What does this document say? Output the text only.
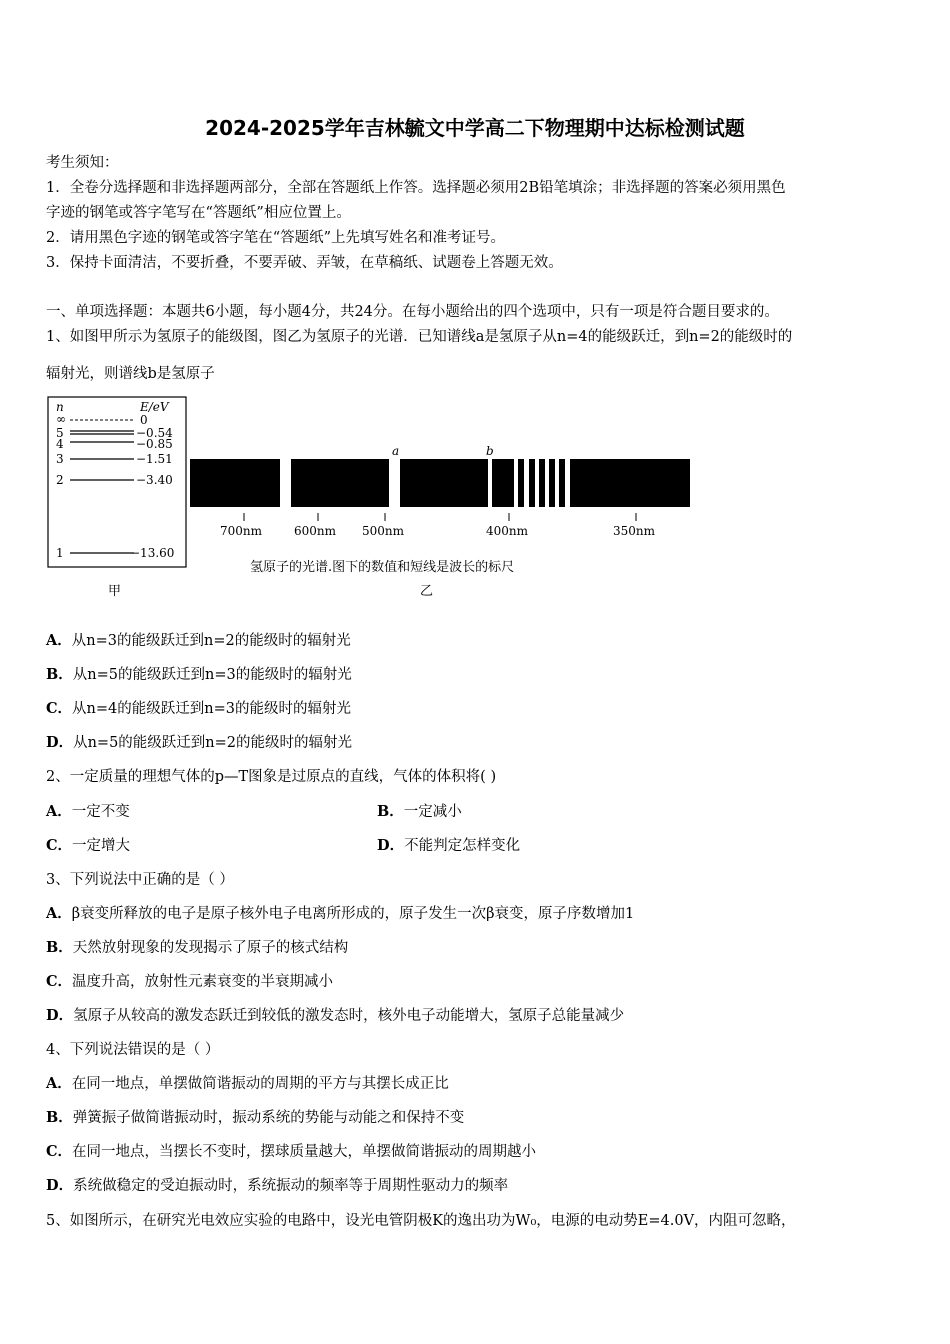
2024-2025学年吉林毓文中学高二下物理期中达标检测试题
考生须知：
1．全卷分选择题和非选择题两部分，全部在答题纸上作答。选择题必须用2B铅笔填涂；非选择题的答案必须用黑色
字迹的钢笔或答字笔写在“答题纸”相应位置上。
2．请用黑色字迹的钢笔或答字笔在“答题纸”上先填写姓名和准考证号。
3．保持卡面清洁，不要折叠，不要弄破、弄皱，在草稿纸、试题卷上答题无效。
一、单项选择题：本题共6小题，每小题4分，共24分。在每小题给出的四个选项中，只有一项是符合题目要求的。
1、如图甲所示为氢原子的能级图，图乙为氢原子的光谱．已知谱线a是氢原子从n=4的能级跃迁，到n=2的能级时的
辐射光，则谱线b是氢原子
n	E/eV
∞	0
5	−0.54
4	−0.85
3	−1.51
2	−3.40
1	−13.60
a	b
700nm	600nm 500nm	400nm	350nm
氢原子的光谱.图下的数值和短线是波长的标尺
甲	乙
A．从n=3的能级跃迁到n=2的能级时的辐射光
B．从n=5的能级跃迁到n=3的能级时的辐射光
C．从n=4的能级跃迁到n=3的能级时的辐射光
D．从n=5的能级跃迁到n=2的能级时的辐射光
2、一定质量的理想气体的p—T图象是过原点的直线，气体的体积将( )
A．一定不变	B．一定减小
C．一定增大	D．不能判定怎样变化
3、下列说法中正确的是（ ）
A．β衰变所释放的电子是原子核外电子电离所形成的，原子发生一次β衰变，原子序数增加1
B．天然放射现象的发现揭示了原子的核式结构
C．温度升高，放射性元素衰变的半衰期减小
D．氢原子从较高的激发态跃迁到较低的激发态时，核外电子动能增大，氢原子总能量减少
4、下列说法错误的是（ ）
A．在同一地点，单摆做简谐振动的周期的平方与其摆长成正比
B．弹簧振子做简谐振动时，振动系统的势能与动能之和保持不变
C．在同一地点，当摆长不变时，摆球质量越大，单摆做简谐振动的周期越小
D．系统做稳定的受迫振动时，系统振动的频率等于周期性驱动力的频率
5、如图所示，在研究光电效应实验的电路中，设光电管阴极K的逸出功为W₀，电源的电动势E=4.0V，内阻可忽略，
